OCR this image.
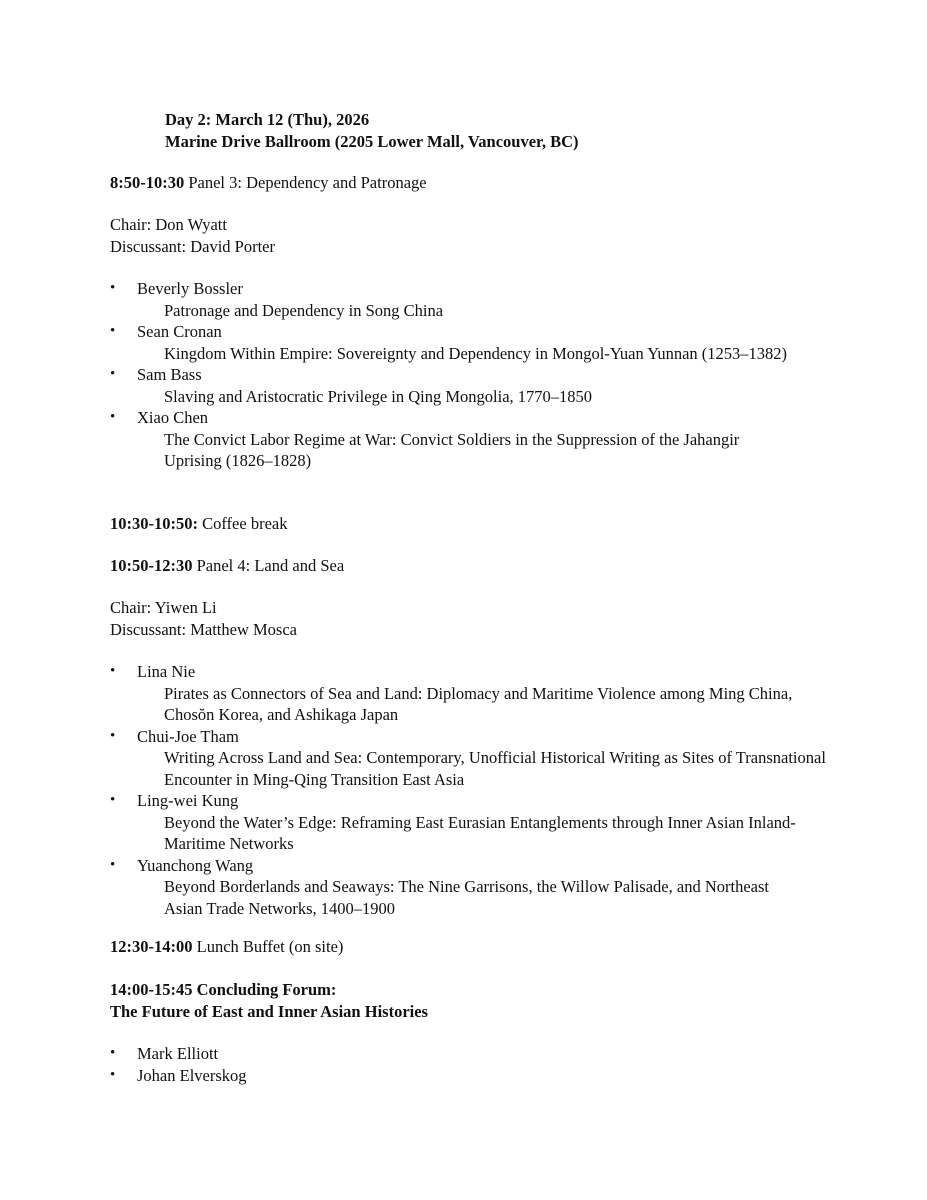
Day 2: March 12 (Thu), 2026
Marine Drive Ballroom (2205 Lower Mall, Vancouver, BC)
8:50-10:30 Panel 3: Dependency and Patronage
Chair: Don Wyatt
Discussant: David Porter
• Beverly Bossler
Patronage and Dependency in Song China
• Sean Cronan
Kingdom Within Empire: Sovereignty and Dependency in Mongol-Yuan Yunnan (1253–1382)
• Sam Bass
Slaving and Aristocratic Privilege in Qing Mongolia, 1770–1850
• Xiao Chen
The Convict Labor Regime at War: Convict Soldiers in the Suppression of the Jahangir Uprising (1826–1828)
10:30-10:50: Coffee break
10:50-12:30 Panel 4: Land and Sea
Chair: Yiwen Li
Discussant: Matthew Mosca
• Lina Nie
Pirates as Connectors of Sea and Land: Diplomacy and Maritime Violence among Ming China, Chosŏn Korea, and Ashikaga Japan
• Chui-Joe Tham
Writing Across Land and Sea: Contemporary, Unofficial Historical Writing as Sites of Transnational Encounter in Ming-Qing Transition East Asia
• Ling-wei Kung
Beyond the Water’s Edge: Reframing East Eurasian Entanglements through Inner Asian Inland-Maritime Networks
• Yuanchong Wang
Beyond Borderlands and Seaways: The Nine Garrisons, the Willow Palisade, and Northeast Asian Trade Networks, 1400–1900
12:30-14:00 Lunch Buffet (on site)
14:00-15:45 Concluding Forum:
The Future of East and Inner Asian Histories
• Mark Elliott
• Johan Elverskog
